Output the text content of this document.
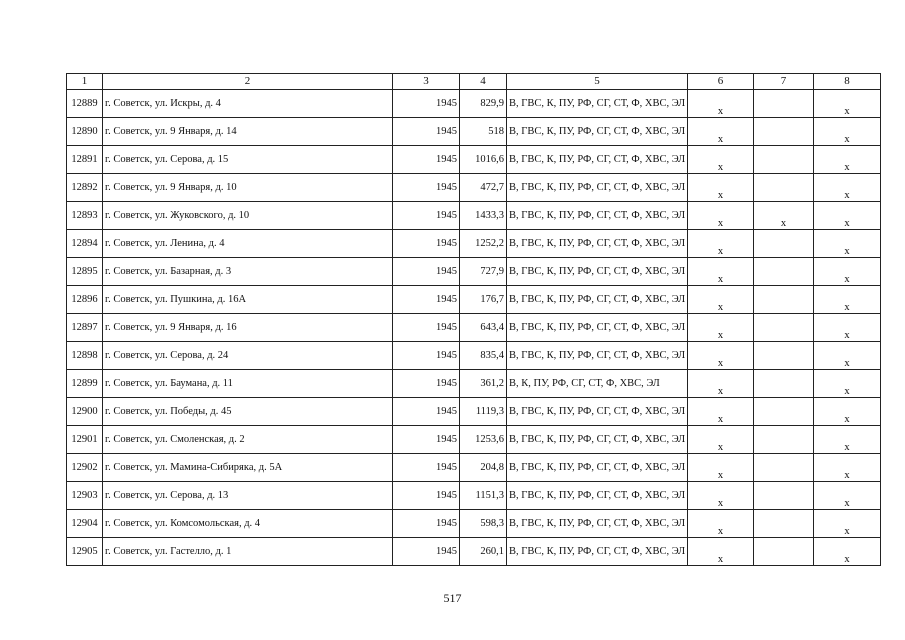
1	2	3	4	5	6	7	8
12889	г. Советск, ул. Искры, д. 4	1945	829,9	В, ГВС, К, ПУ, РФ, СГ, СТ, Ф, ХВС, ЭЛ	х		х
12890	г. Советск, ул. 9 Января, д. 14	1945	518	В, ГВС, К, ПУ, РФ, СГ, СТ, Ф, ХВС, ЭЛ	х		х
12891	г. Советск, ул. Серова, д. 15	1945	1016,6	В, ГВС, К, ПУ, РФ, СГ, СТ, Ф, ХВС, ЭЛ	х		х
12892	г. Советск, ул. 9 Января, д. 10	1945	472,7	В, ГВС, К, ПУ, РФ, СГ, СТ, Ф, ХВС, ЭЛ	х		х
12893	г. Советск, ул. Жуковского, д. 10	1945	1433,3	В, ГВС, К, ПУ, РФ, СГ, СТ, Ф, ХВС, ЭЛ	х	х	х
12894	г. Советск, ул. Ленина, д. 4	1945	1252,2	В, ГВС, К, ПУ, РФ, СГ, СТ, Ф, ХВС, ЭЛ	х		х
12895	г. Советск, ул. Базарная, д. 3	1945	727,9	В, ГВС, К, ПУ, РФ, СГ, СТ, Ф, ХВС, ЭЛ	х		х
12896	г. Советск, ул. Пушкина, д. 16А	1945	176,7	В, ГВС, К, ПУ, РФ, СГ, СТ, Ф, ХВС, ЭЛ	х		х
12897	г. Советск, ул. 9 Января, д. 16	1945	643,4	В, ГВС, К, ПУ, РФ, СГ, СТ, Ф, ХВС, ЭЛ	х		х
12898	г. Советск, ул. Серова, д. 24	1945	835,4	В, ГВС, К, ПУ, РФ, СГ, СТ, Ф, ХВС, ЭЛ	х		х
12899	г. Советск, ул. Баумана, д. 11	1945	361,2	В, К, ПУ, РФ, СГ, СТ, Ф, ХВС, ЭЛ	х		х
12900	г. Советск, ул. Победы, д. 45	1945	1119,3	В, ГВС, К, ПУ, РФ, СГ, СТ, Ф, ХВС, ЭЛ	х		х
12901	г. Советск, ул. Смоленская, д. 2	1945	1253,6	В, ГВС, К, ПУ, РФ, СГ, СТ, Ф, ХВС, ЭЛ	х		х
12902	г. Советск, ул. Мамина-Сибиряка, д. 5А	1945	204,8	В, ГВС, К, ПУ, РФ, СГ, СТ, Ф, ХВС, ЭЛ	х		х
12903	г. Советск, ул. Серова, д. 13	1945	1151,3	В, ГВС, К, ПУ, РФ, СГ, СТ, Ф, ХВС, ЭЛ	х		х
12904	г. Советск, ул. Комсомольская, д. 4	1945	598,3	В, ГВС, К, ПУ, РФ, СГ, СТ, Ф, ХВС, ЭЛ	х		х
12905	г. Советск, ул. Гастелло, д. 1	1945	260,1	В, ГВС, К, ПУ, РФ, СГ, СТ, Ф, ХВС, ЭЛ	х		х
517
